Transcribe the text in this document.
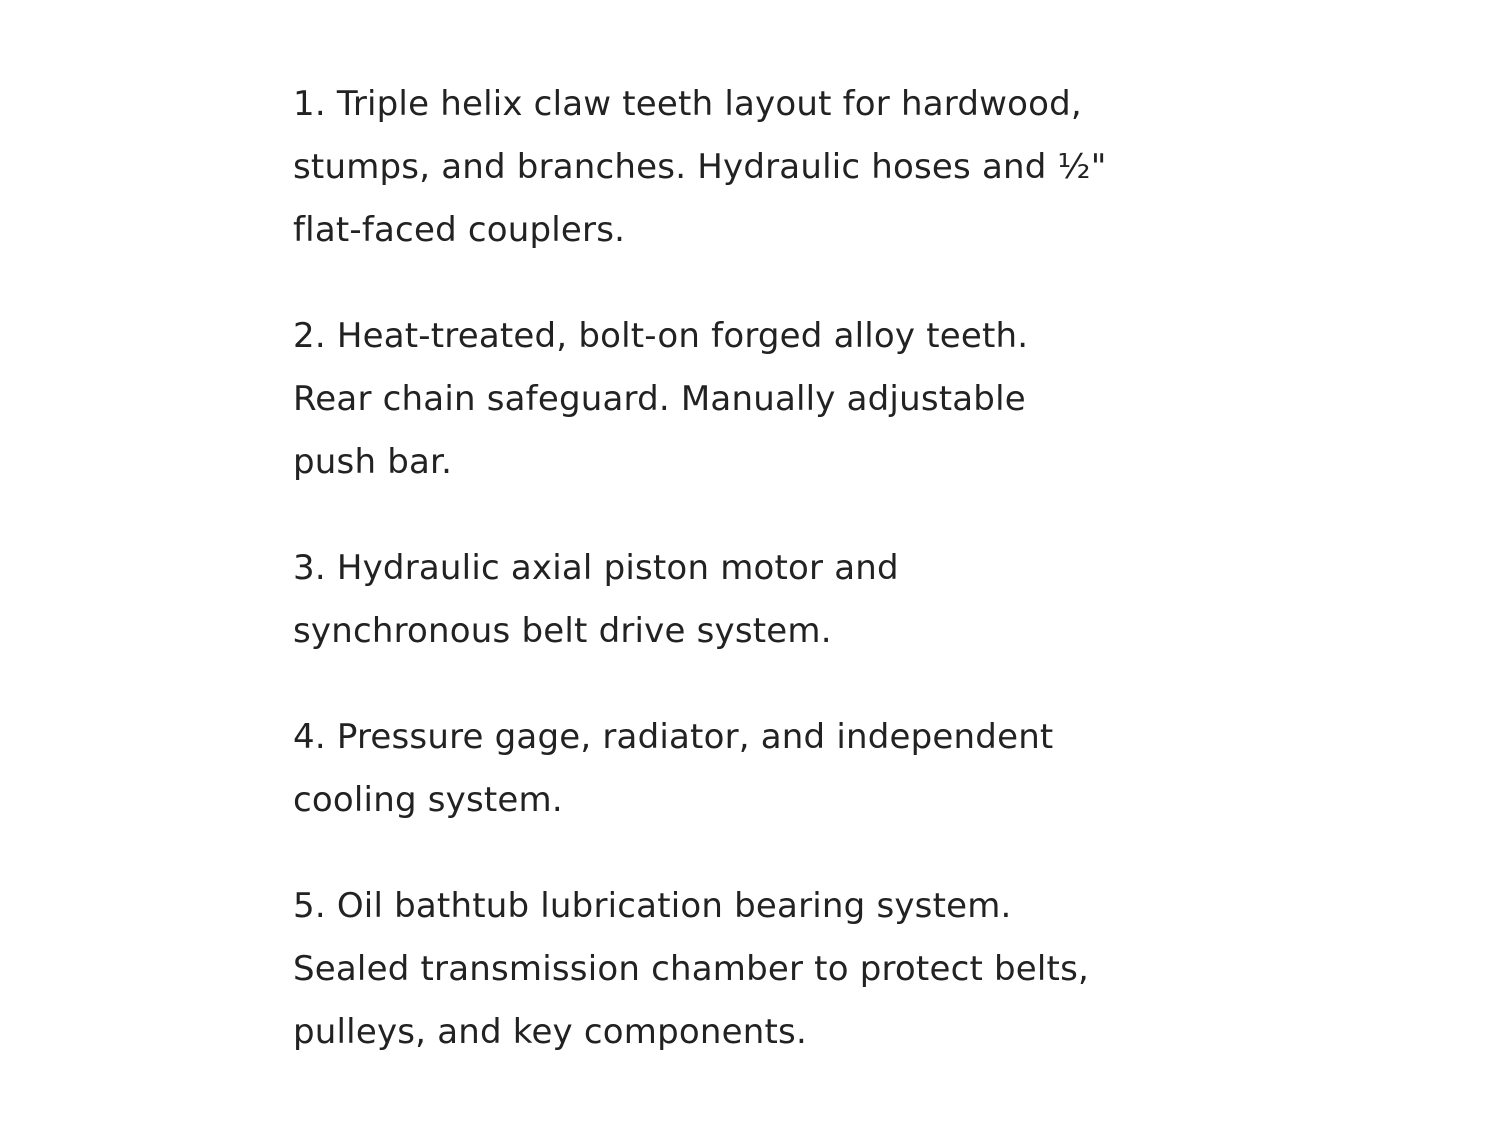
1. Triple helix claw teeth layout for hardwood,
stumps, and branches. Hydraulic hoses and ½"
flat-faced couplers.
2. Heat-treated, bolt-on forged alloy teeth.
Rear chain safeguard. Manually adjustable
push bar.
3. Hydraulic axial piston motor and
synchronous belt drive system.
4. Pressure gage, radiator, and independent
cooling system.
5. Oil bathtub lubrication bearing system.
Sealed transmission chamber to protect belts,
pulleys, and key components.
